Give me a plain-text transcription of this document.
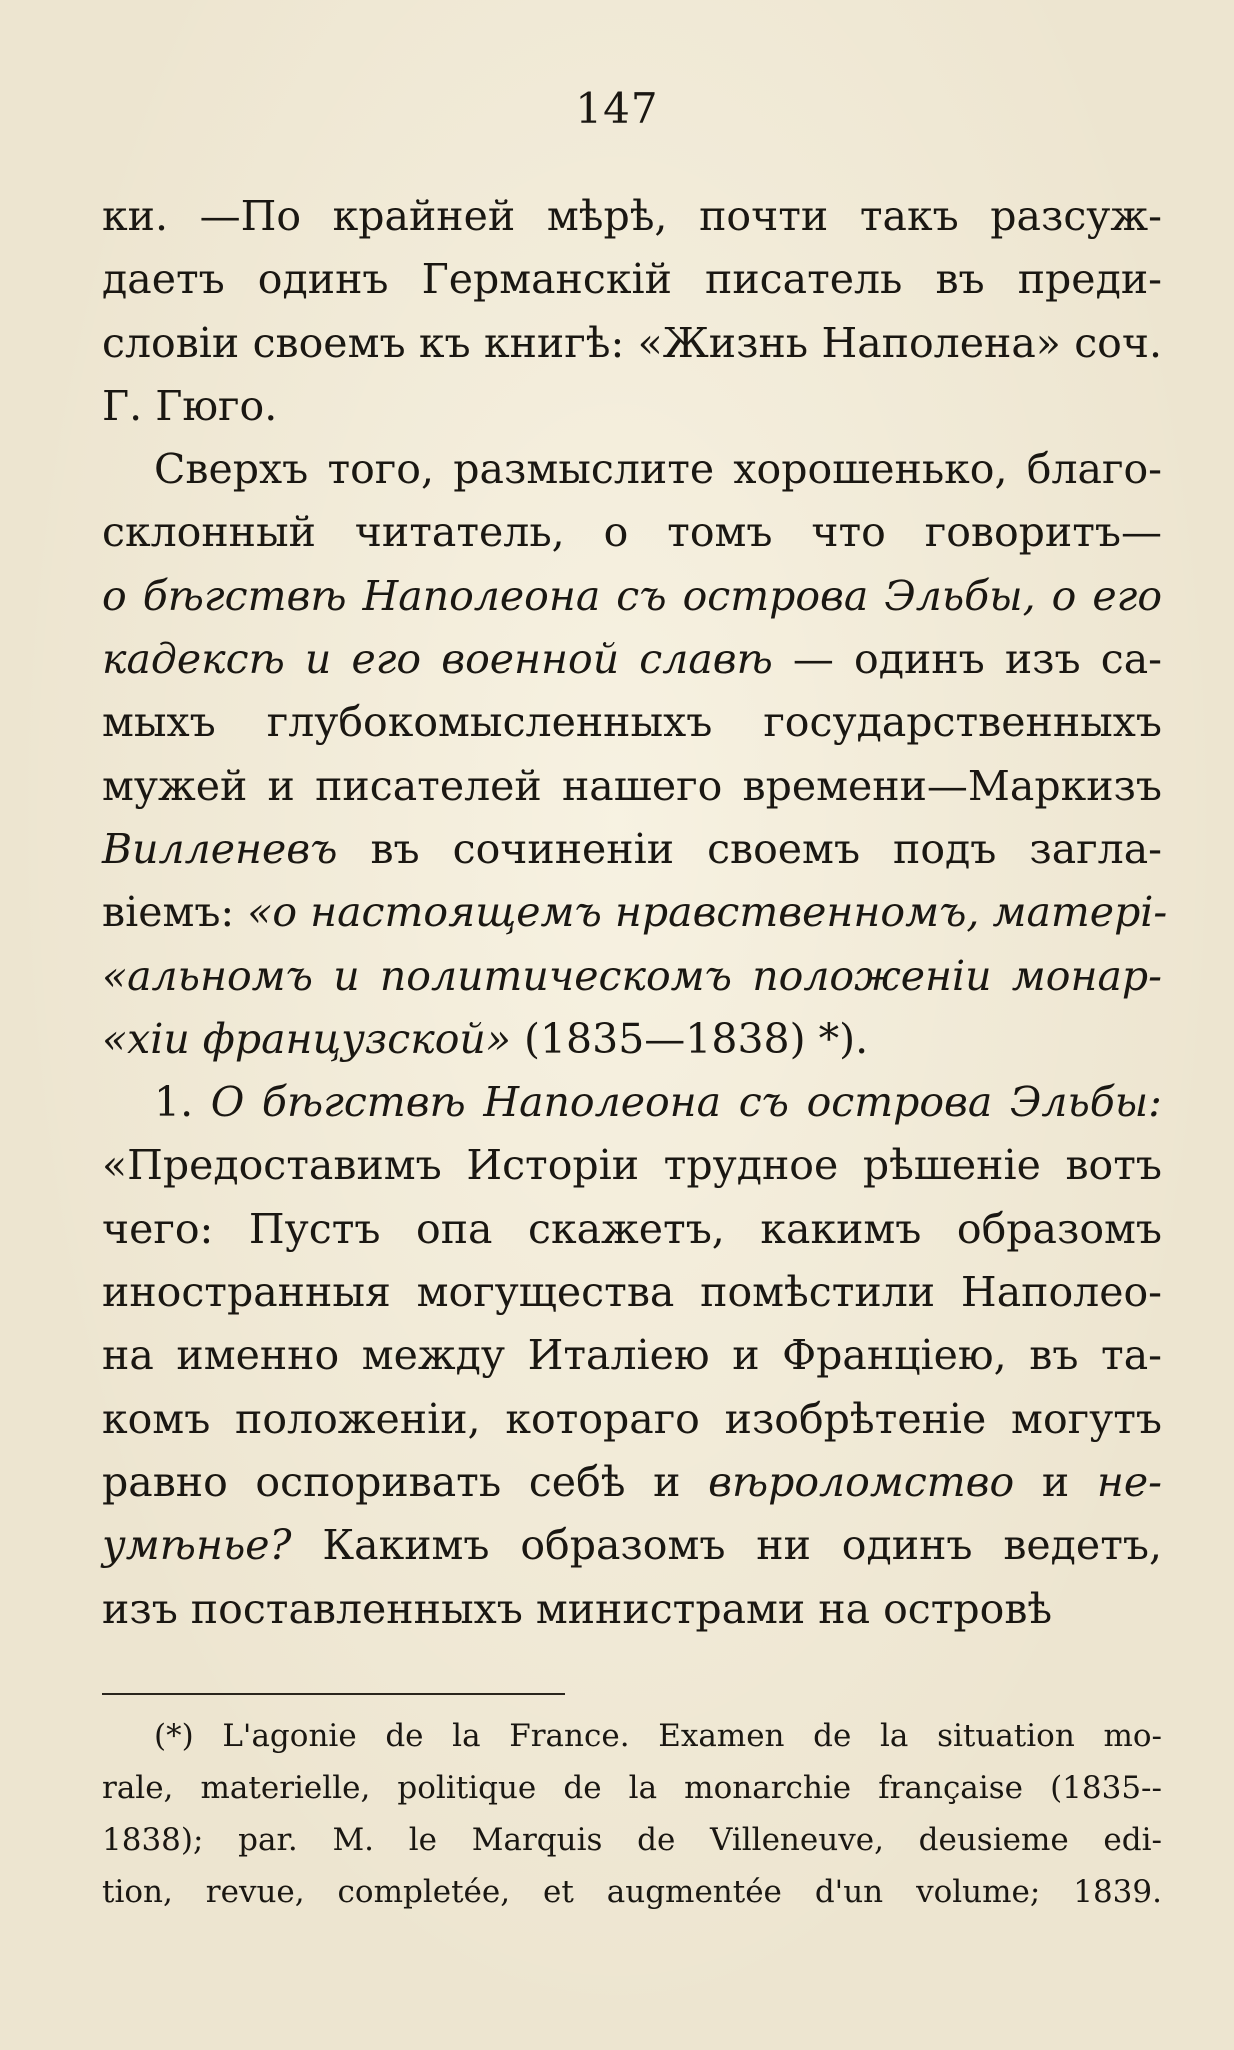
147
ки. —По крайней мѣрѣ, почти такъ разсуж-
даетъ одинъ Германскій писатель въ преди-
словіи своемъ къ книгѣ: «Жизнь Наполена» соч.
Г. Гюго.
Сверхъ того, размыслите хорошенько, благо-
склонный читатель, о томъ что говоритъ—
о бѣгствѣ Наполеона съ острова Эльбы, о его
кадексѣ и его военной славѣ — одинъ изъ са-
мыхъ глубокомысленныхъ государственныхъ
мужей и писателей нашего времени—Маркизъ
Вилленевъ въ сочиненіи своемъ подъ загла-
віемъ: «о настоящемъ нравственномъ, матері-
«альномъ и политическомъ положеніи монар-
«хіи французской» (1835—1838) *).
1. О бѣгствѣ Наполеона съ острова Эльбы:
«Предоставимъ Исторіи трудное рѣшеніе вотъ
чего: Пустъ опа скажетъ, какимъ образомъ
иностранныя могущества помѣстили Наполео-
на именно между Италіею и Франціею, въ та-
комъ положеніи, котораго изобрѣтеніе могутъ
равно оспоривать себѣ и вѣроломство и не-
умѣнье? Какимъ образомъ ни одинъ ведетъ,
изъ поставленныхъ министрами на островѣ
(*) L'agonie de la France. Examen de la situation mo-
rale, materielle, politique de la monarchie française (1835--
1838); par. M. le Marquis de Villeneuve, deusieme edi-
tion, revue, completée, et augmentée d'un volume; 1839.
